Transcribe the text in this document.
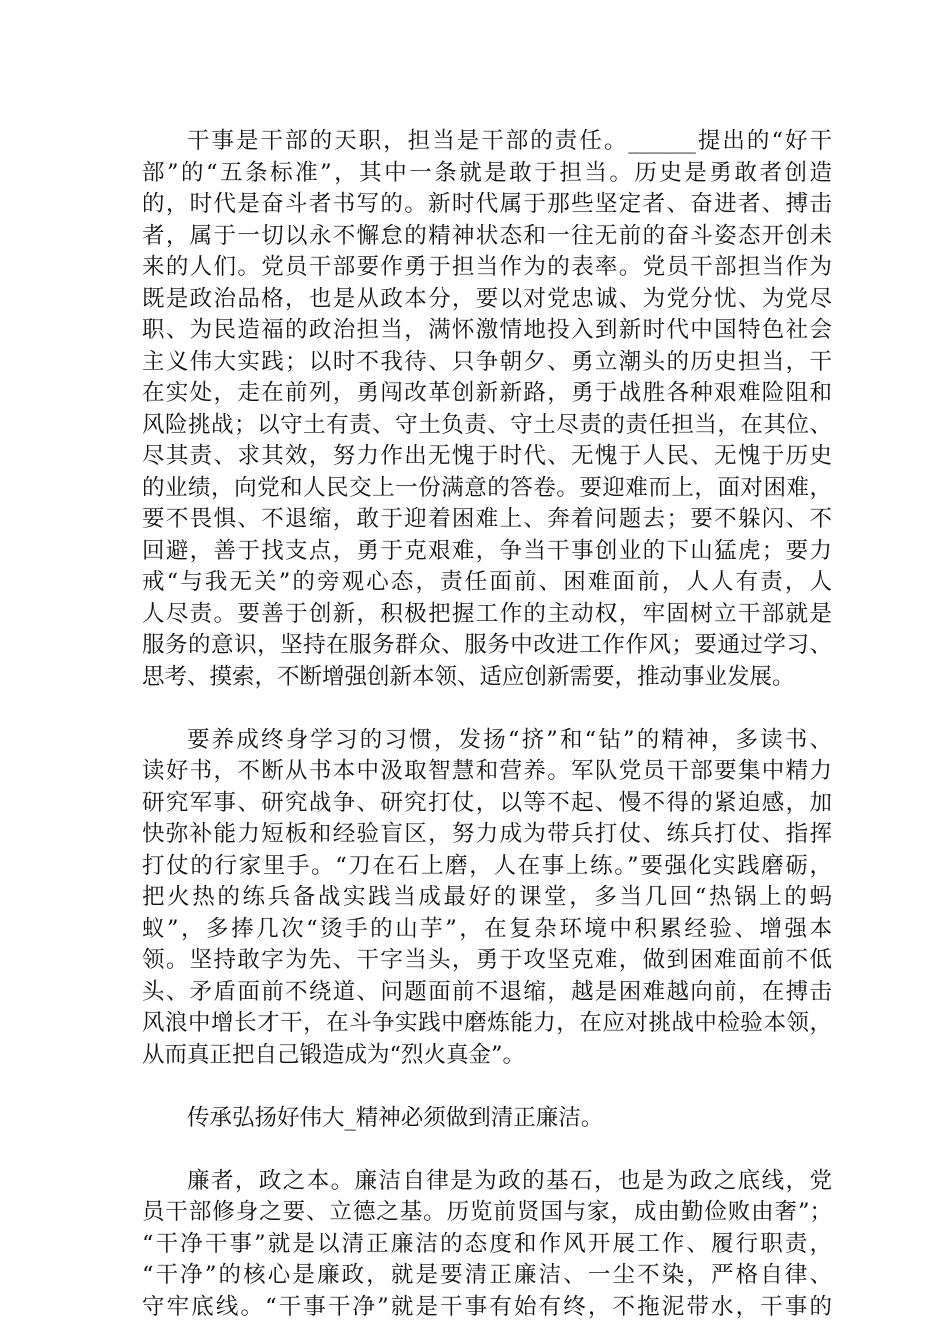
干事是干部的天职，担当是干部的责任。______提出的“好干
部”的“五条标准”，其中一条就是敢于担当。历史是勇敢者创造
的，时代是奋斗者书写的。新时代属于那些坚定者、奋进者、搏击
者，属于一切以永不懈怠的精神状态和一往无前的奋斗姿态开创未
来的人们。党员干部要作勇于担当作为的表率。党员干部担当作为
既是政治品格，也是从政本分，要以对党忠诚、为党分忧、为党尽
职、为民造福的政治担当，满怀激情地投入到新时代中国特色社会
主义伟大实践；以时不我待、只争朝夕、勇立潮头的历史担当，干
在实处，走在前列，勇闯改革创新新路，勇于战胜各种艰难险阻和
风险挑战；以守土有责、守土负责、守土尽责的责任担当，在其位、
尽其责、求其效，努力作出无愧于时代、无愧于人民、无愧于历史
的业绩，向党和人民交上一份满意的答卷。要迎难而上，面对困难，
要不畏惧、不退缩，敢于迎着困难上、奔着问题去；要不躲闪、不
回避，善于找支点，勇于克艰难，争当干事创业的下山猛虎；要力
戒“与我无关”的旁观心态，责任面前、困难面前，人人有责，人
人尽责。要善于创新，积极把握工作的主动权，牢固树立干部就是
服务的意识，坚持在服务群众、服务中改进工作作风；要通过学习、
思考、摸索，不断增强创新本领、适应创新需要，推动事业发展。
要养成终身学习的习惯，发扬“挤”和“钻”的精神，多读书、
读好书，不断从书本中汲取智慧和营养。军队党员干部要集中精力
研究军事、研究战争、研究打仗，以等不起、慢不得的紧迫感，加
快弥补能力短板和经验盲区，努力成为带兵打仗、练兵打仗、指挥
打仗的行家里手。“刀在石上磨，人在事上练。”要强化实践磨砺，
把火热的练兵备战实践当成最好的课堂，多当几回“热锅上的蚂
蚁”，多捧几次“烫手的山芋”，在复杂环境中积累经验、增强本
领。坚持敢字为先、干字当头，勇于攻坚克难，做到困难面前不低
头、矛盾面前不绕道、问题面前不退缩，越是困难越向前，在搏击
风浪中增长才干，在斗争实践中磨炼能力，在应对挑战中检验本领，
从而真正把自己锻造成为“烈火真金”。
传承弘扬好伟大_精神必须做到清正廉洁。
廉者，政之本。廉洁自律是为政的基石，也是为政之底线，党
员干部修身之要、立德之基。历览前贤国与家，成由勤俭败由奢”；
“干净干事”就是以清正廉洁的态度和作风开展工作、履行职责，
“干净”的核心是廉政，就是要清正廉洁、一尘不染，严格自律、
守牢底线。“干事干净”就是干事有始有终，不拖泥带水，干事的
